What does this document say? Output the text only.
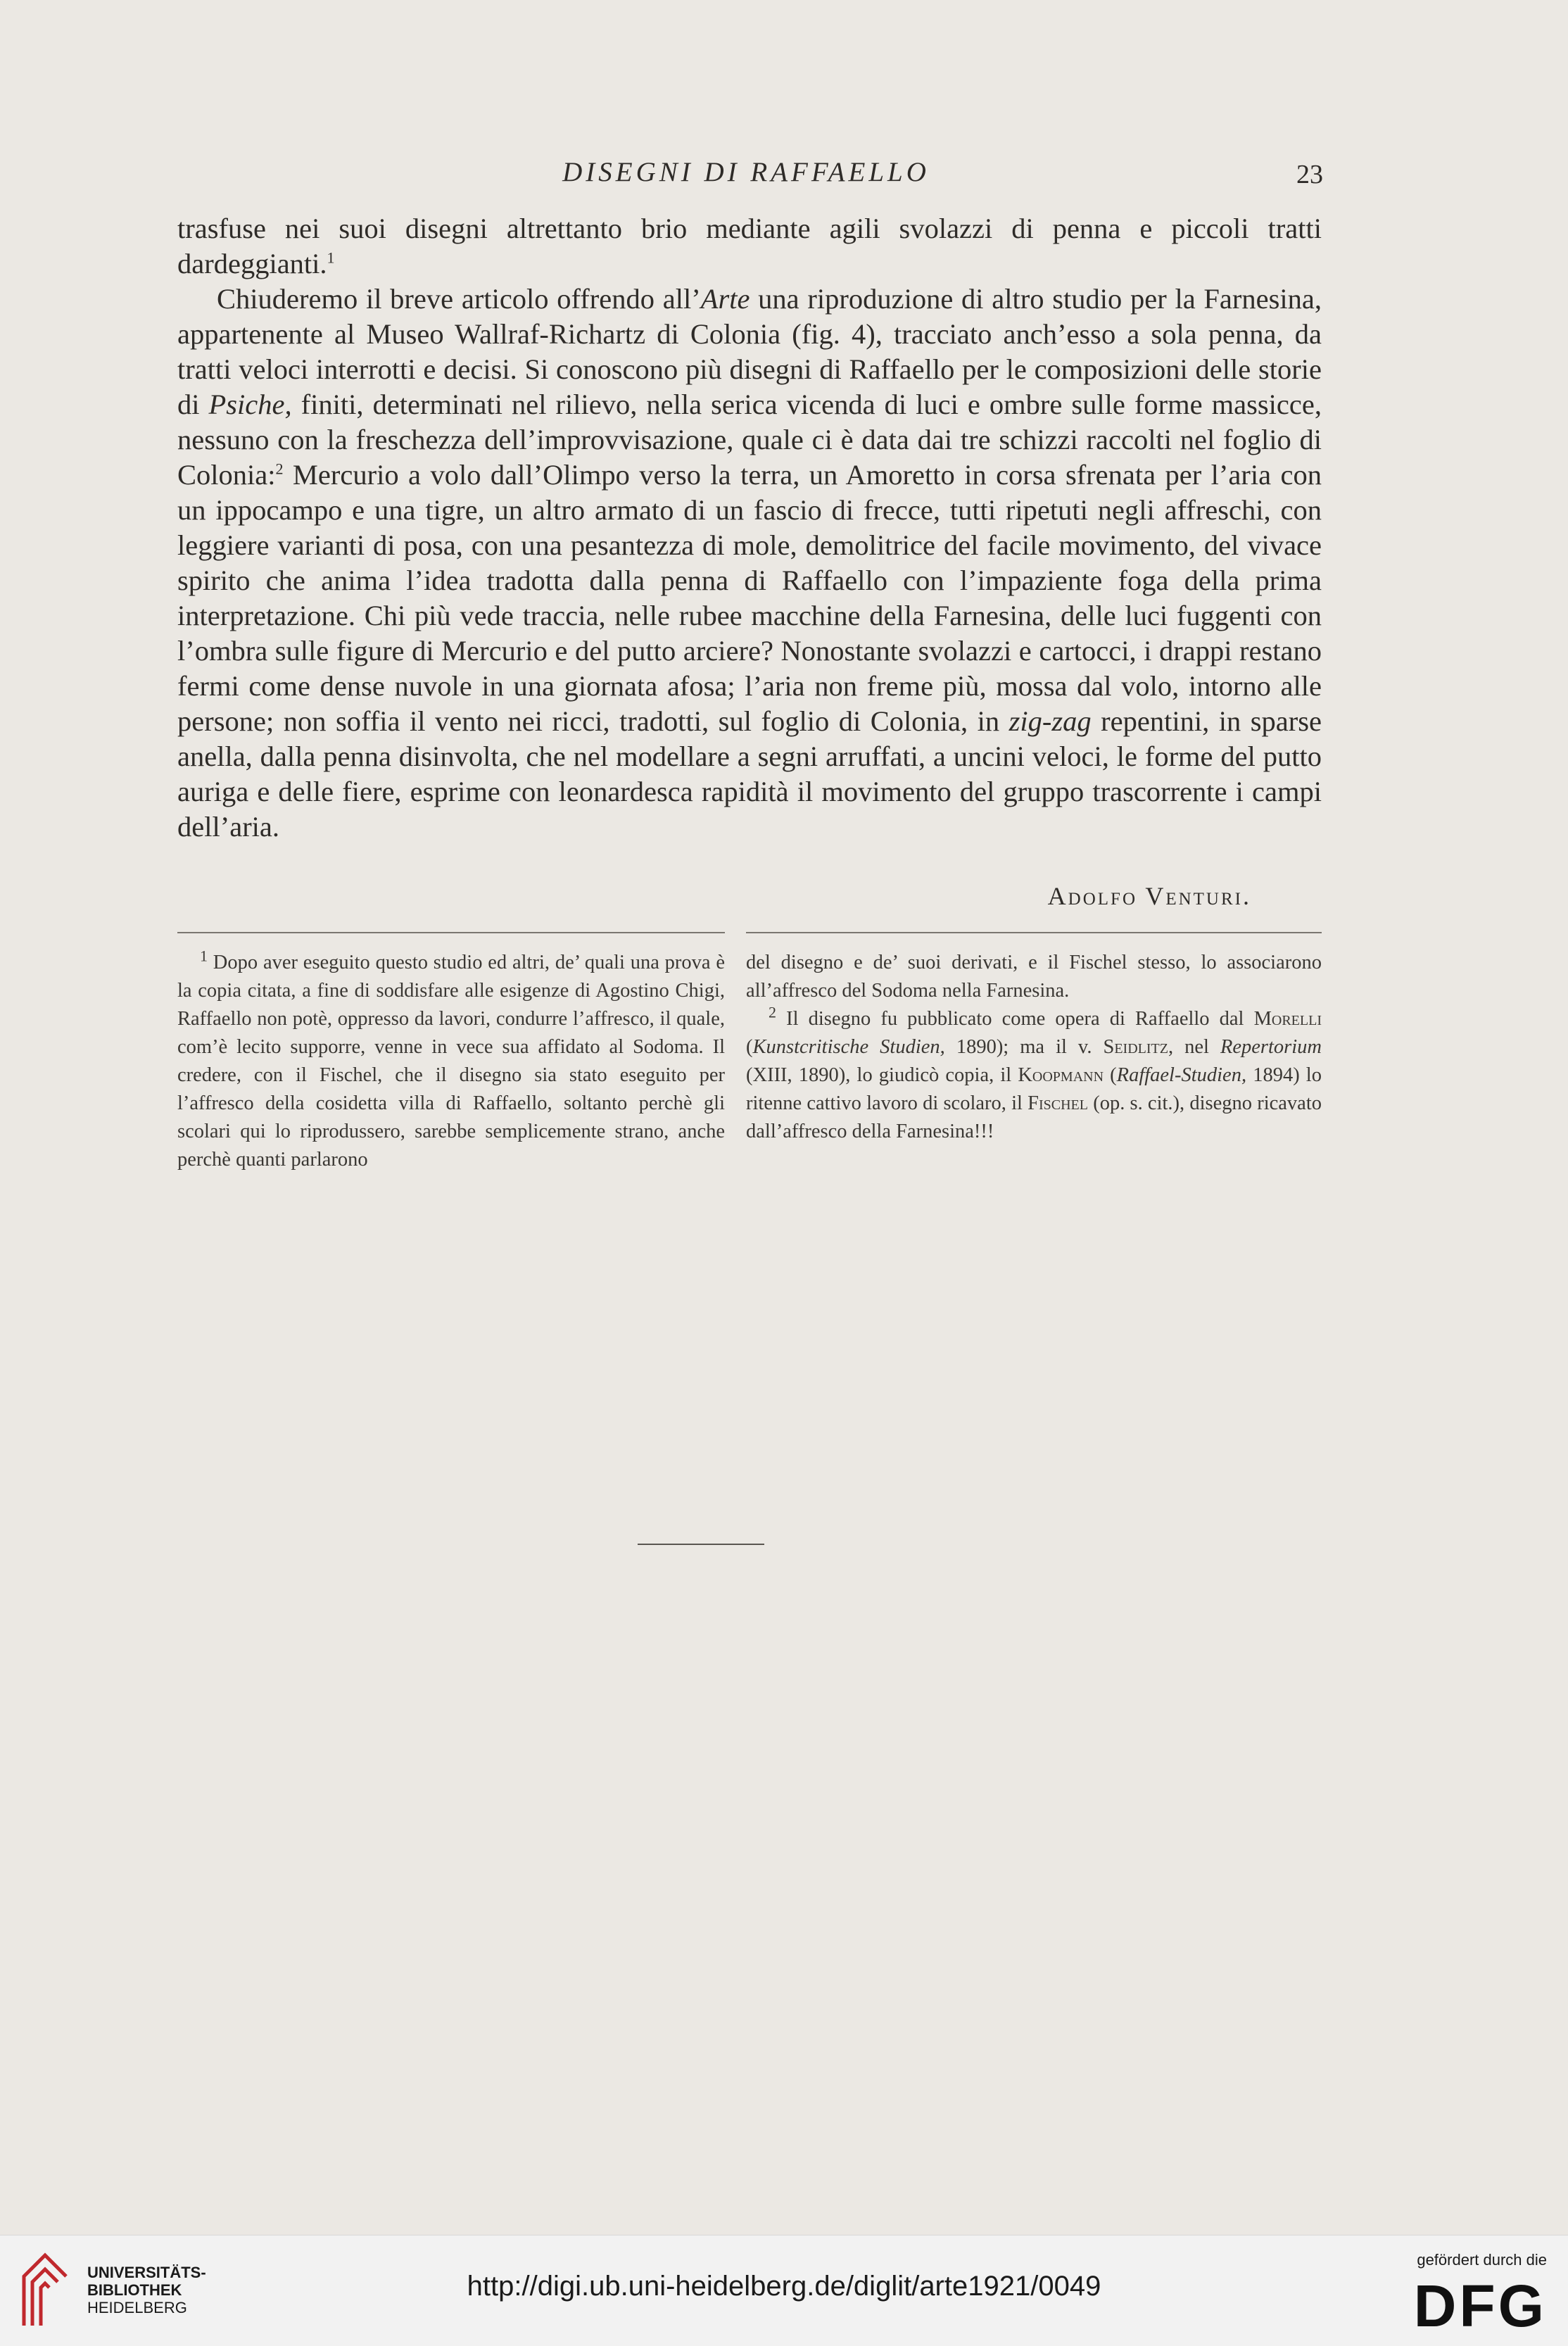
DISEGNI DI RAFFAELLO	23

trasfuse nei suoi disegni altrettanto brio mediante agili svolazzi di penna e piccoli tratti dardeggianti.$^1$

Chiuderemo il breve articolo offrendo all’Arte una riproduzione di altro studio per la Farnesina, appartenente al Museo Wallraf-Richartz di Colonia (fig. 4), tracciato anch’esso a sola penna, da tratti veloci interrotti e decisi. Si conoscono più disegni di Raffaello per le composizioni delle storie di Psiche, finiti, determinati nel rilievo, nella serica vicenda di luci e ombre sulle forme massicce, nessuno con la freschezza dell’improvvisazione, quale ci è data dai tre schizzi raccolti nel foglio di Colonia:$^2$ Mercurio a volo dall’Olimpo verso la terra, un Amoretto in corsa sfrenata per l’aria con un ippocampo e una tigre, un altro armato di un fascio di frecce, tutti ripetuti negli affreschi, con leggiere varianti di posa, con una pesantezza di mole, demolitrice del facile movimento, del vivace spirito che anima l’idea tradotta dalla penna di Raffaello con l’impaziente foga della prima interpretazione. Chi più vede traccia, nelle rubee macchine della Farnesina, delle luci fuggenti con l’ombra sulle figure di Mercurio e del putto arciere? Nonostante svolazzi e cartocci, i drappi restano fermi come dense nuvole in una giornata afosa; l’aria non freme più, mossa dal volo, intorno alle persone; non soffia il vento nei ricci, tradotti, sul foglio di Colonia, in zig-zag repentini, in sparse anella, dalla penna disinvolta, che nel modellare a segni arruffati, a uncini veloci, le forme del putto auriga e delle fiere, esprime con leonardesca rapidità il movimento del gruppo trascorrente i campi dell’aria.

Adolfo Venturi.

$^1$ Dopo aver eseguito questo studio ed altri, de’ quali una prova è la copia citata, a fine di soddisfare alle esigenze di Agostino Chigi, Raffaello non potè, oppresso da lavori, condurre l’affresco, il quale, com’è lecito supporre, venne in vece sua affidato al Sodoma. Il credere, con il Fischel, che il disegno sia stato eseguito per l’affresco della cosidetta villa di Raffaello, soltanto perchè gli scolari qui lo riprodussero, sarebbe semplicemente strano, anche perchè quanti parlarono

del disegno e de’ suoi derivati, e il Fischel stesso, lo associarono all’affresco del Sodoma nella Farnesina.

$^2$ Il disegno fu pubblicato come opera di Raffaello dal Morelli (Kunstcritische Studien, 1890); ma il v. Seidlitz, nel Repertorium (XIII, 1890), lo giudicò copia, il Koopmann (Raffael-Studien, 1894) lo ritenne cattivo lavoro di scolaro, il Fischel (op. s. cit.), disegno ricavato dall’affresco della Farnesina!!!

UNIVERSITÄTS-
BIBLIOTHEK
HEIDELBERG
http://digi.ub.uni-heidelberg.de/diglit/arte1921/0049
gefördert durch die
DFG
